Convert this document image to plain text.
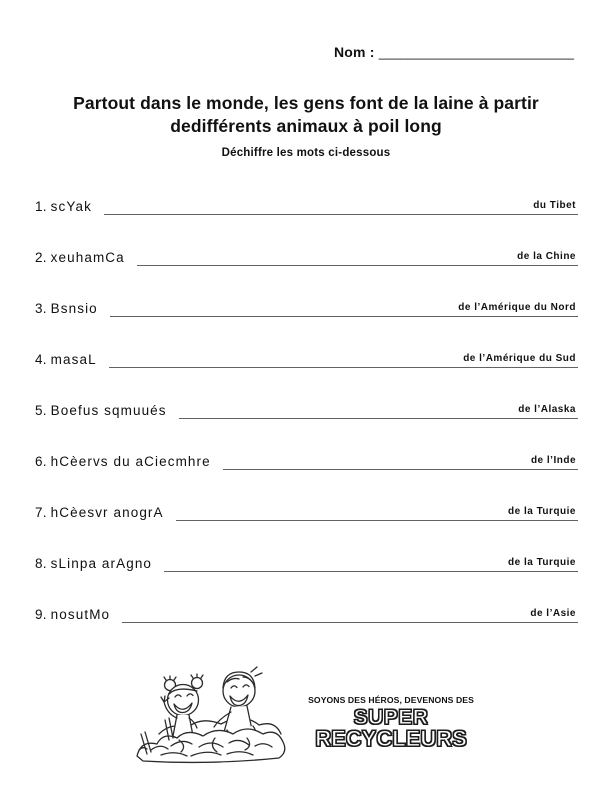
Nom : ___________________________
Partout dans le monde, les gens font de la laine à partir
dedifférents animaux à poil long
Déchiffre les mots ci-dessous
1. scYak	du Tibet
2. xeuhamCa	de la Chine
3. Bsnsio	de l’Amérique du Nord
4. masaL	de l’Amérique du Sud
5. Boefus sqmuués	de l’Alaska
6. hCèervs du aCiecmhre	de l’Inde
7. hCèesvr anogrA	de la Turquie
8. sLinpa arAgno	de la Turquie
9. nosutMo	de l’Asie
SOYONS DES HÉROS, DEVENONS DES
SUPER
RECYCLEURS
